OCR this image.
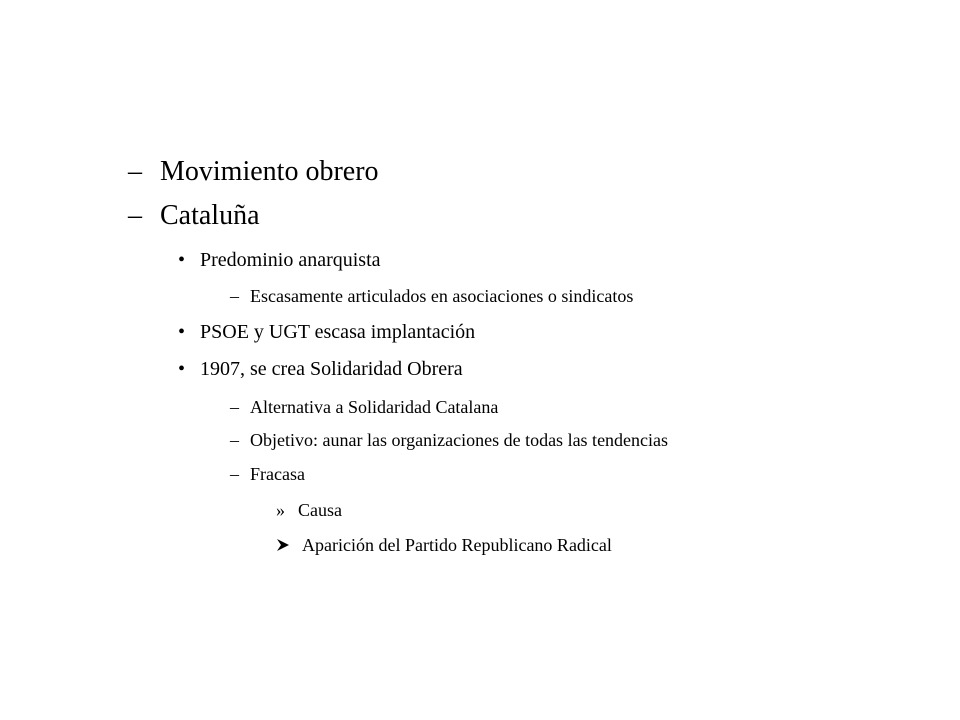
– Movimiento obrero
– Cataluña
• Predominio anarquista
– Escasamente articulados en asociaciones o sindicatos
• PSOE y UGT escasa implantación
• 1907, se crea Solidaridad Obrera
– Alternativa a Solidaridad Catalana
– Objetivo: aunar las organizaciones de todas las tendencias
– Fracasa
» Causa
Aparición del Partido Republicano Radical
